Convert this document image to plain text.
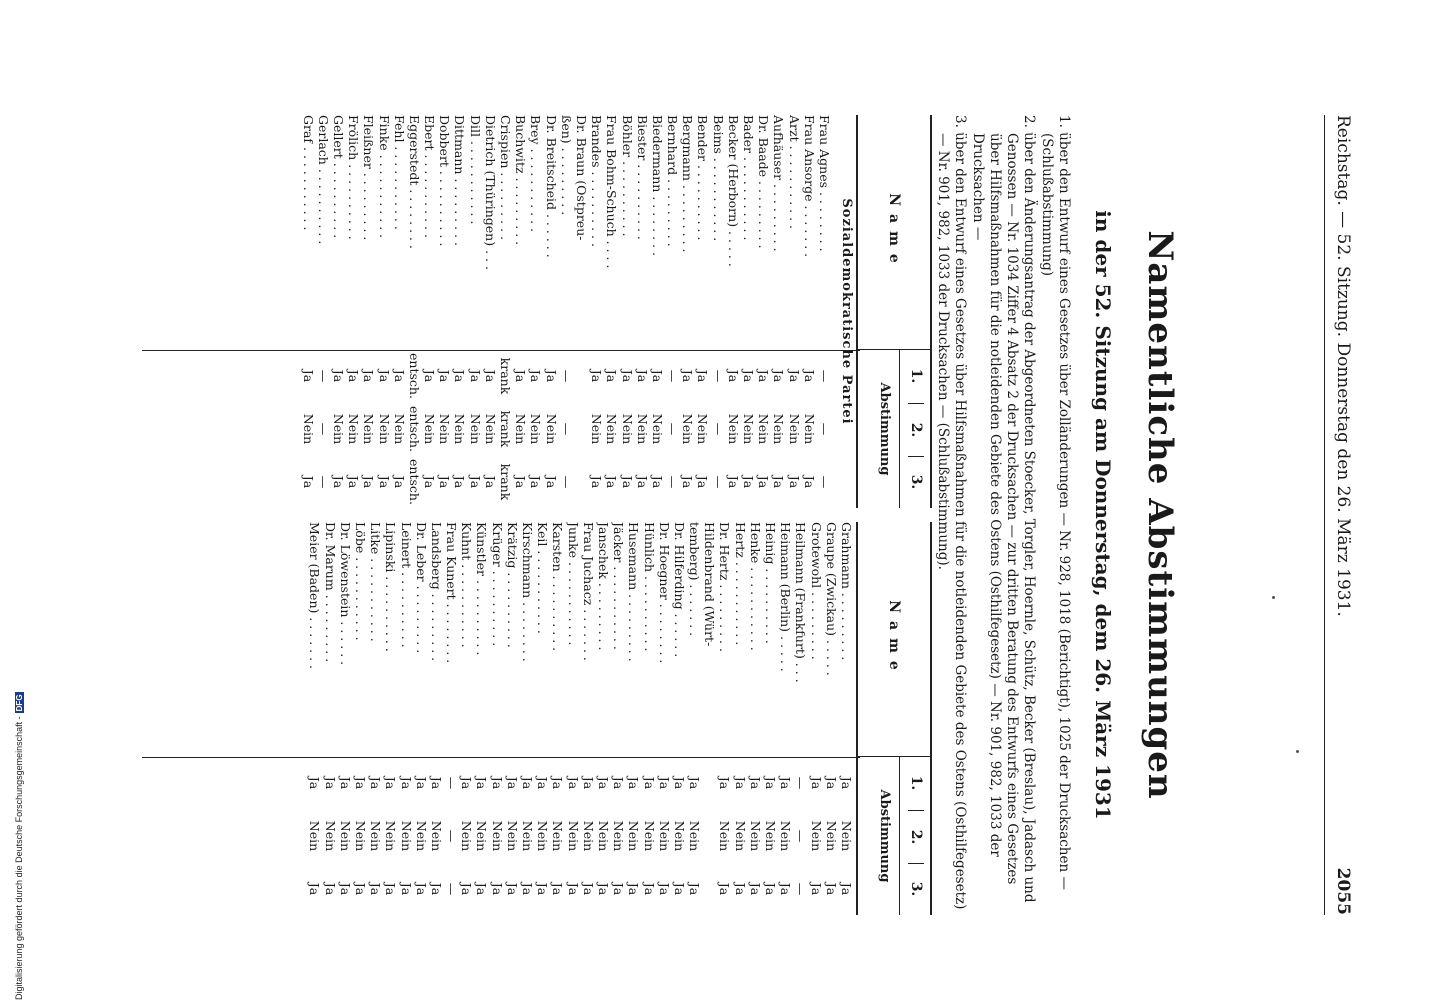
Reichstag. — 52. Sitzung. Donnerstag den 26. März 1931.
2055
Namentliche Abstimmungen
in der 52. Sitzung am Donnerstag, dem 26. März 1931

1. über den Entwurf eines Gesetzes über Zolländerungen — Nr. 928, 1018 (Berichtigt), 1025 der Drucksachen — (Schlußabstimmung)

2. über den Änderungsantrag der Abgeordneten Stoecker, Torgler, Hoernle, Schütz, Becker (Breslau), Jadasch und Genossen — Nr. 1034 Ziffer 4 Absatz 2 der Drucksachen — zur dritten Beratung des Entwurfs eines Gesetzes über Hilfsmaßnahmen für die notleidenden Gebiete des Ostens (Osthilfegesetz) — Nr. 901, 982, 1033 der Drucksachen —

3. über den Entwurf eines Gesetzes über Hilfsmaßnahmen für die notleidenden Gebiete des Ostens (Osthilfegesetz) — Nr. 901, 982, 1033 der Drucksachen — (Schlußabstimmung).

Name
1.
2.
3.
Abstimmung
Sozialdemokratische Partei
Frau Agnes . . . . . . . .
—
—
—
Frau Ansorge . . . . . . .
Ja
Nein
Ja
Arzt . . . . . . . . . . .
Ja
Nein
Ja
Aufhäuser . . . . . . . . .
Ja
Nein
Ja
Dr. Baade . . . . . . . . .
Ja
Nein
Ja
Bader . . . . . . . . . . .
Ja
Nein
Ja
Becker (Herborn) . . . . .
Ja
Nein
Ja
Beims . . . . . . . . . . .
—
—
—
Bender . . . . . . . . . .
Ja
Nein
Ja
Bergmann . . . . . . . . .
Ja
Nein
Ja
Bernhard . . . . . . . . .
—
—
—
Biedermann . . . . . . . .
Ja
Nein
Ja
Biester . . . . . . . . . .
Ja
Nein
Ja
Böhler . . . . . . . . . .
Ja
Nein
Ja
Frau Bohm-Schuch . . . .
Ja
Nein
Ja
Brandes . . . . . . . . . .
Ja
Nein
Ja
Dr. Braun (Ostpreu-
ßen) . . . . . . . . .
—
—
—
Dr. Breitscheid . . . . . .
Ja
Nein
Ja
Brey . . . . . . . . . . .
Ja
Nein
Ja
Buchwitz . . . . . . . . .
Ja
Nein
Ja
Crispien . . . . . . . . .
krank
krank
krank
Dietrich (Thüringen) . . .
Ja
Nein
Ja
Dill . . . . . . . . . . .
Ja
Nein
Ja
Dittmann . . . . . . . . .
Ja
Nein
Ja
Dobbert . . . . . . . . . .
Ja
Nein
Ja
Ebert . . . . . . . . . . .
Ja
Nein
Ja
Eggerstedt . . . . . . . .
entsch.
entsch.
entsch.
Fehl . . . . . . . . . . .
Ja
Nein
Ja
Finke . . . . . . . . . . .
Ja
Nein
Ja
Fleißner . . . . . . . . .
Ja
Nein
Ja
Frölich . . . . . . . . . .
Ja
Nein
Ja
Gellert . . . . . . . . . .
Ja
Nein
Ja
Gerlach . . . . . . . . . .
—
—
—
Graf . . . . . . . . . . .
Ja
Nein
Ja
Name
1.
2.
3.
Abstimmung
Grahmann . . . . . . . . .
Ja
Nein
Ja
Graupe (Zwickau) . . . . .
Ja
Nein
Ja
Grotewohl . . . . . . . . .
Ja
Nein
Ja
Heilmann (Frankfurt) . . .
—
—
—
Heimann (Berlin) . . . . .
Ja
Nein
Ja
Heinig . . . . . . . . . .
Ja
Nein
Ja
Henke . . . . . . . . . . .
Ja
Nein
Ja
Hertz . . . . . . . . . . .
Ja
Nein
Ja
Dr. Hertz . . . . . . . . .
Ja
Nein
Ja
Hildenbrand (Würt-
temberg) . . . . . . .
Ja
Nein
Ja
Dr. Hilferding . . . . . .
Ja
Nein
Ja
Dr. Hoegner . . . . . . . .
Ja
Nein
Ja
Hünlich . . . . . . . . . .
Ja
Nein
Ja
Husemann . . . . . . . . .
Ja
Nein
Ja
Jäcker . . . . . . . . . . .
Ja
Nein
Ja
Janschek . . . . . . . . .
Ja
Nein
Ja
Frau Juchacz . . . . . . .
Ja
Nein
Ja
Junke . . . . . . . . . . .
Ja
Nein
Ja
Karsten . . . . . . . . . .
Ja
Nein
Ja
Keil . . . . . . . . . . .
Ja
Nein
Ja
Kirschmann . . . . . . . .
Ja
Nein
Ja
Krätzig . . . . . . . . . .
Ja
Nein
Ja
Krüger . . . . . . . . . .
Ja
Nein
Ja
Künstler . . . . . . . . . .
Ja
Nein
Ja
Kuhnt . . . . . . . . . . .
Ja
Nein
Ja
Frau Kunert . . . . . . . .
—
—
—
Landsberg . . . . . . . . .
Ja
Nein
Ja
Dr. Leber . . . . . . . . .
Ja
Nein
Ja
Leinert . . . . . . . . . .
Ja
Nein
Ja
Lipinski . . . . . . . . . .
Ja
Nein
Ja
Litke . . . . . . . . . . .
Ja
Nein
Ja
Löbe . . . . . . . . . . .
Ja
Nein
Ja
Dr. Löwenstein . . . . . .
Ja
Nein
Ja
Dr. Marum . . . . . . . . .
Ja
Nein
Ja
Meier (Baden) . . . . . . .
Ja
Nein
Ja
Digitalisierung gefördert durch die Deutsche Forschungsgemeinschaft -DFG
